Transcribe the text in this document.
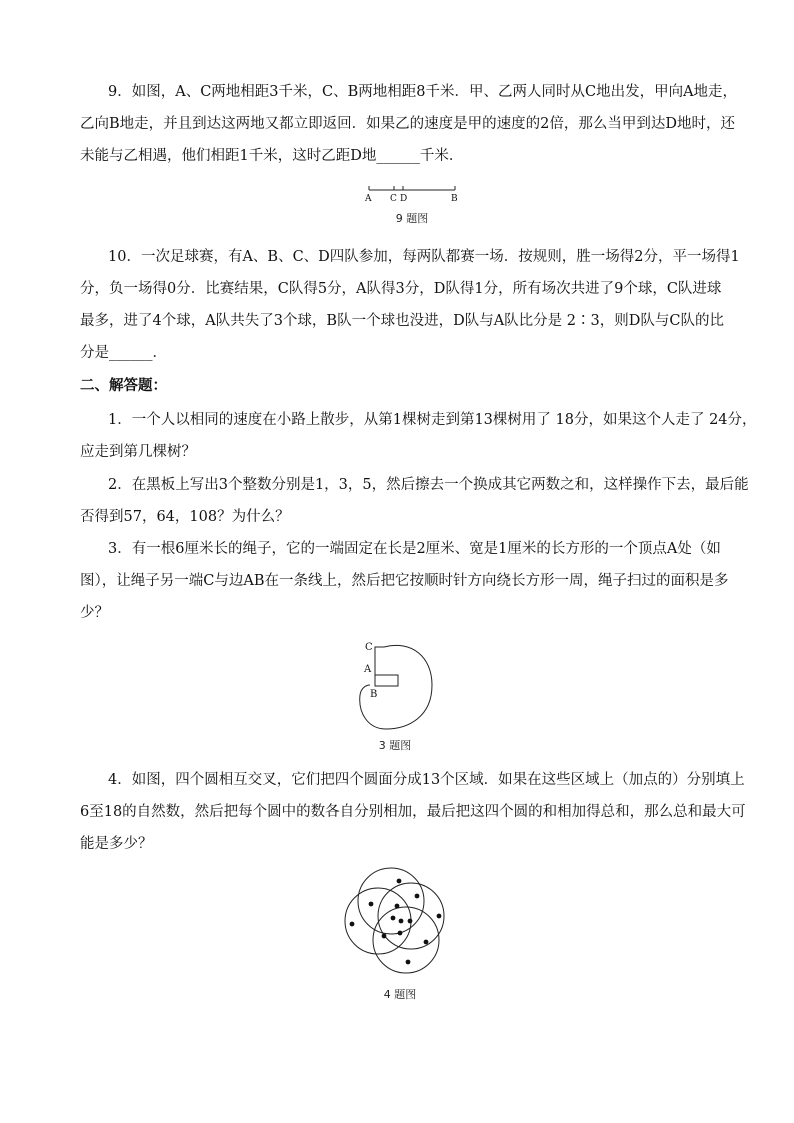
9．如图，A、C两地相距3千米，C、B两地相距8千米．甲、乙两人同时从C地出发，甲向A地走，
乙向B地走，并且到达这两地又都立即返回．如果乙的速度是甲的速度的2倍，那么当甲到达D地时，还
未能与乙相遇，他们相距1千米，这时乙距D地______千米．
A C D	B
9 题图
10．一次足球赛，有A、B、C、D四队参加，每两队都赛一场．按规则，胜一场得2分，平一场得1
分，负一场得0分．比赛结果，C队得5分，A队得3分，D队得1分，所有场次共进了9个球，C队进球
最多，进了4个球，A队共失了3个球，B队一个球也没进，D队与A队比分是 2∶3，则D队与C队的比
分是______．
二、解答题：
1．一个人以相同的速度在小路上散步，从第1棵树走到第13棵树用了 18分，如果这个人走了 24分，
应走到第几棵树？
2．在黑板上写出3个整数分别是1，3，5，然后擦去一个换成其它两数之和，这样操作下去，最后能
否得到57，64，108？为什么？
3．有一根6厘米长的绳子，它的一端固定在长是2厘米、宽是1厘米的长方形的一个顶点A处（如
图），让绳子另一端C与边AB在一条线上，然后把它按顺时针方向绕长方形一周，绳子扫过的面积是多
少？
C
A
B
3 题图
4．如图，四个圆相互交叉，它们把四个圆面分成13个区域．如果在这些区域上（加点的）分别填上
6至18的自然数，然后把每个圆中的数各自分别相加，最后把这四个圆的和相加得总和，那么总和最大可
能是多少？
4 题图
